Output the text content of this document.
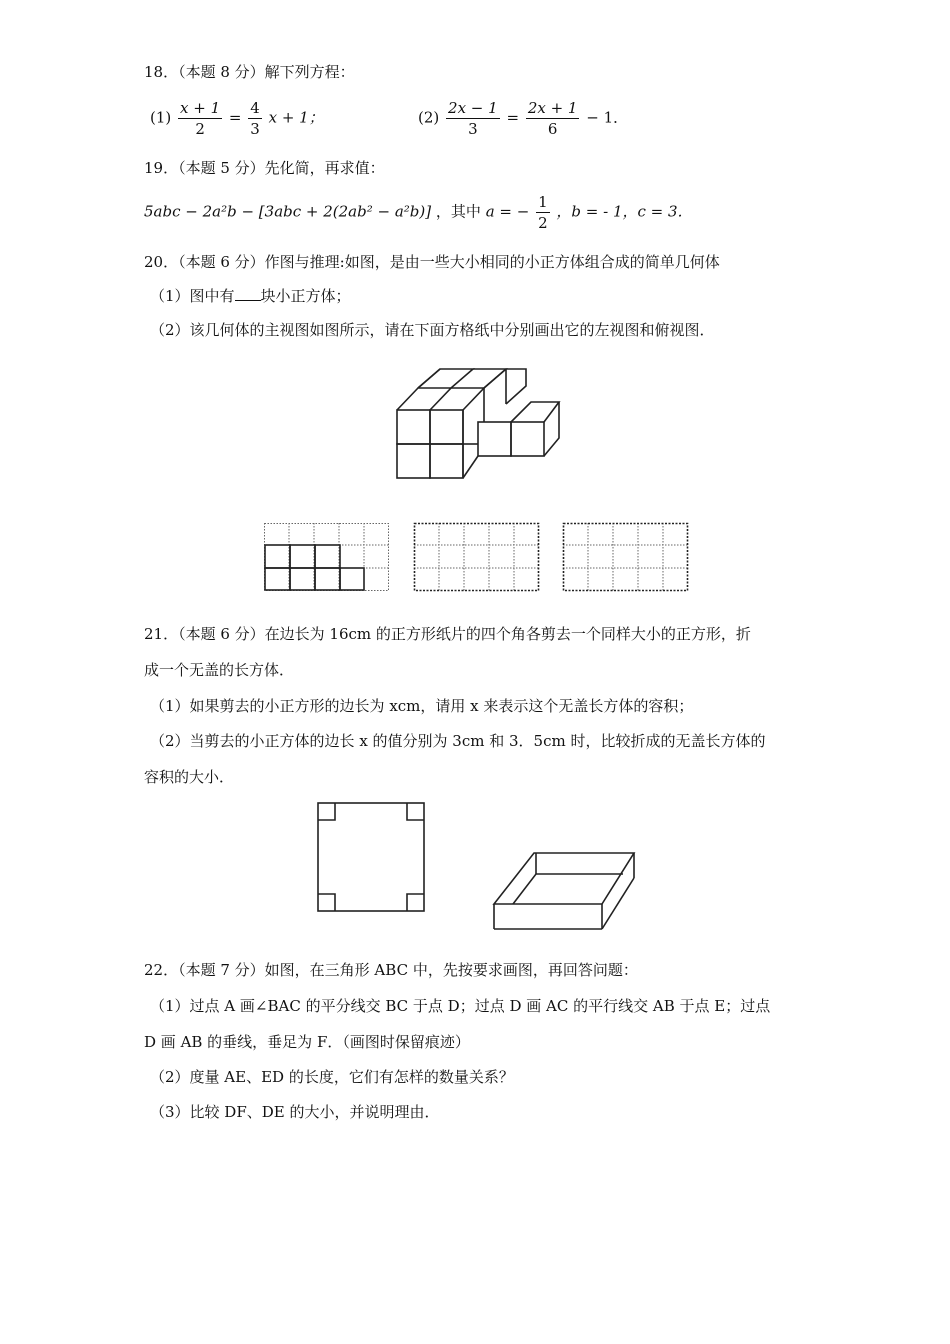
18．（本题 8 分）解下列方程：
$(1) \frac{x + 1}{2} = \frac{4}{3}$ x + 1；	$(2) \frac{2x - 1}{3} = \frac{2x + 1}{6} - 1$．
19．（本题 5 分）先化简，再求值：
5abc − 2a²b − [3abc + 2(2ab² − a²b)] ，其中 a = − $\frac{1}{2}$ ，b = - 1，c = 3．
20．（本题 6 分）作图与推理:如图，是由一些大小相同的小正方体组合成的简单几何体
（1）图中有 块小正方体；
（2）该几何体的主视图如图所示，请在下面方格纸中分别画出它的左视图和俯视图．
21．（本题 6 分）在边长为 16cm 的正方形纸片的四个角各剪去一个同样大小的正方形，折
成一个无盖的长方体．
（1）如果剪去的小正方形的边长为 xcm，请用 x 来表示这个无盖长方体的容积；
（2）当剪去的小正方体的边长 x 的值分别为 3cm 和 3．5cm 时，比较折成的无盖长方体的
容积的大小．
22．（本题 7 分）如图，在三角形 ABC 中，先按要求画图，再回答问题：
（1）过点 A 画∠BAC 的平分线交 BC 于点 D；过点 D 画 AC 的平行线交 AB 于点 E；过点
D 画 AB 的垂线，垂足为 F．（画图时保留痕迹）
（2）度量 AE、ED 的长度，它们有怎样的数量关系？
（3）比较 DF、DE 的大小，并说明理由．
